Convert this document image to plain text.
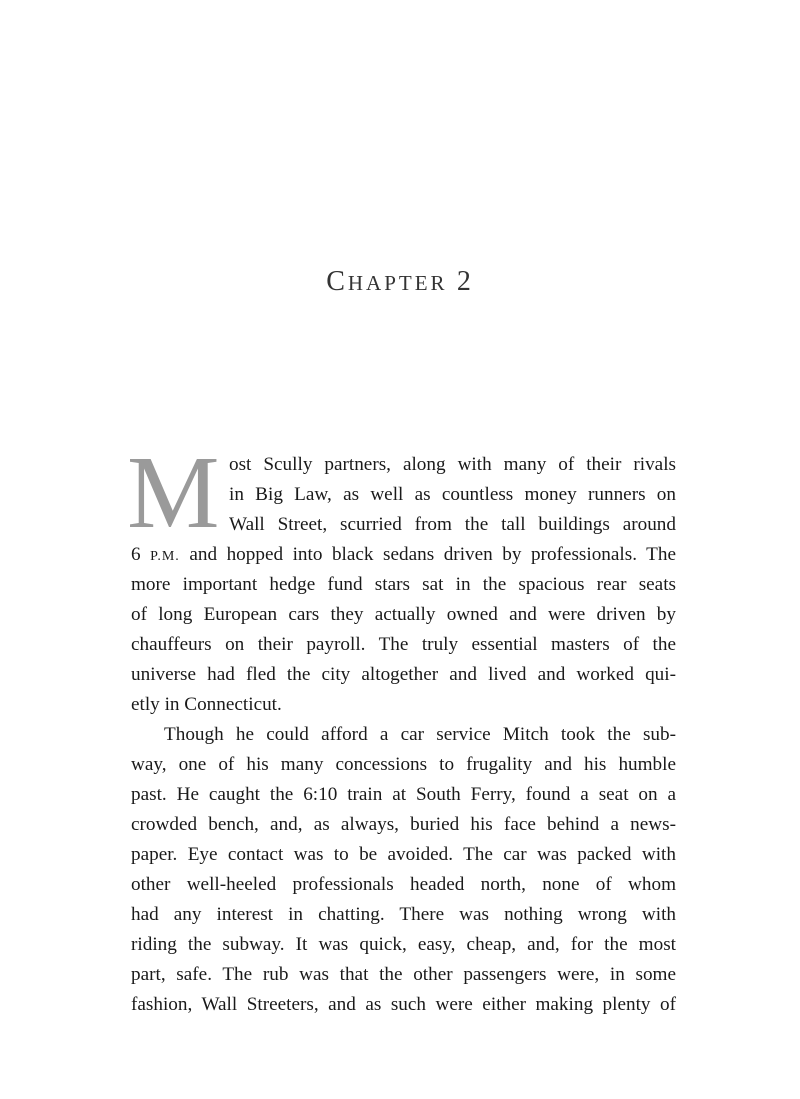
CHAPTER 2
M ost Scully partners, along with many of their rivals
in Big Law, as well as countless money runners on
Wall Street, scurried from the tall buildings around
6 P.M. and hopped into black sedans driven by professionals. The
more important hedge fund stars sat in the spacious rear seats
of long European cars they actually owned and were driven by
chauffeurs on their payroll. The truly essential masters of the
universe had fled the city altogether and lived and worked qui-
etly in Connecticut.
Though he could afford a car service Mitch took the sub-
way, one of his many concessions to frugality and his humble
past. He caught the 6:10 train at South Ferry, found a seat on a
crowded bench, and, as always, buried his face behind a news-
paper. Eye contact was to be avoided. The car was packed with
other well-heeled professionals headed north, none of whom
had any interest in chatting. There was nothing wrong with
riding the subway. It was quick, easy, cheap, and, for the most
part, safe. The rub was that the other passengers were, in some
fashion, Wall Streeters, and as such were either making plenty of
